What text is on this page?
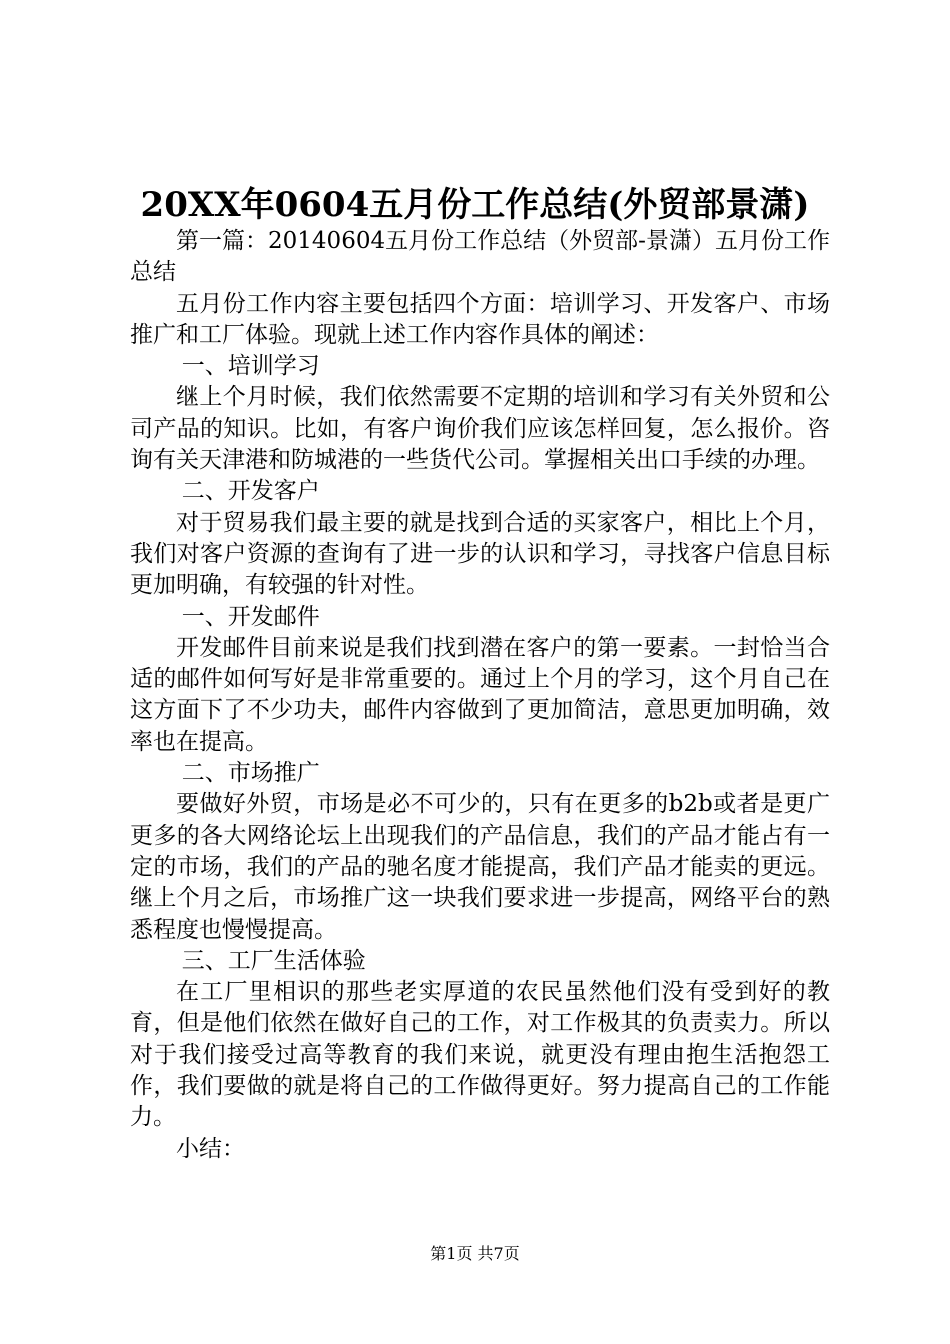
20XX年0604五月份工作总结(外贸部景潇)

第一篇：20140604五月份工作总结（外贸部-景潇）五月份工作总结

五月份工作内容主要包括四个方面：培训学习、开发客户、市场推广和工厂体验。现就上述工作内容作具体的阐述：

一、培训学习

继上个月时候，我们依然需要不定期的培训和学习有关外贸和公司产品的知识。比如，有客户询价我们应该怎样回复，怎么报价。咨询有关天津港和防城港的一些货代公司。掌握相关出口手续的办理。

二、开发客户

对于贸易我们最主要的就是找到合适的买家客户，相比上个月，我们对客户资源的查询有了进一步的认识和学习，寻找客户信息目标更加明确，有较强的针对性。

一、开发邮件

开发邮件目前来说是我们找到潜在客户的第一要素。一封恰当合适的邮件如何写好是非常重要的。通过上个月的学习，这个月自己在这方面下了不少功夫，邮件内容做到了更加简洁，意思更加明确，效率也在提高。

二、市场推广

要做好外贸，市场是必不可少的，只有在更多的b2b或者是更广更多的各大网络论坛上出现我们的产品信息，我们的产品才能占有一定的市场，我们的产品的驰名度才能提高，我们产品才能卖的更远。继上个月之后，市场推广这一块我们要求进一步提高，网络平台的熟悉程度也慢慢提高。

三、工厂生活体验

在工厂里相识的那些老实厚道的农民虽然他们没有受到好的教育，但是他们依然在做好自己的工作，对工作极其的负责卖力。所以对于我们接受过高等教育的我们来说，就更没有理由抱生活抱怨工作，我们要做的就是将自己的工作做得更好。努力提高自己的工作能力。

小结：

第1页 共7页
